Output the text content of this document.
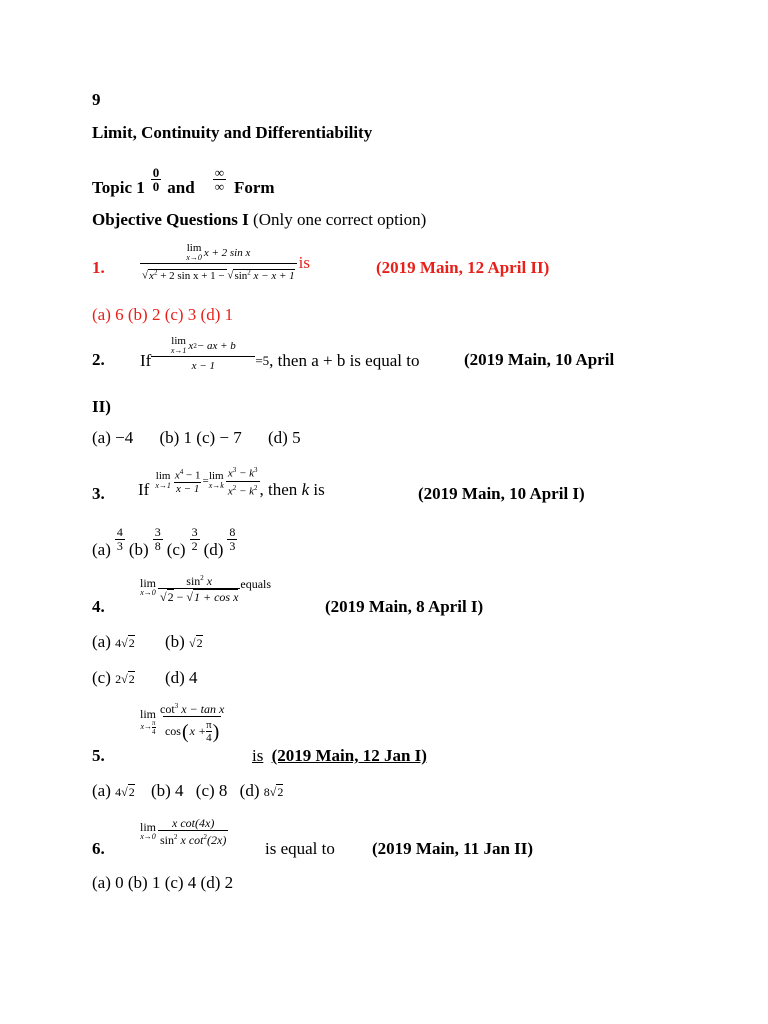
9
Limit, Continuity and Differentiability
Topic $1 \frac{0}{0}$ and $\frac{\infty}{\infty}$ Form
Objective Questions I (Only one correct option)
1.	lim
x→0 x + 2 sin x
$√x^2 + 2$ $\sin x + 1 - √\sin^2$ x − x + 1 is	(2019 Main, 12 April II)
(a) 6 (b) 2 (c) 3 (d) 1
2. If lim
x→1 x 2 − ax + b
x − 1 =5 , then a + b is equal to	(2019 Main, 10 April
II)
(a) −4 (b) 1 (c) − 7 (d) 5
3. If
lim
$x\to 1 \frac{x^4 - 1}{x - 1} = \lim$
$x\to k \frac{x^3 - k^3}{x^2 - k^2}$ , then k is	(2019 Main, 10 April I)
$(a) \frac{4}{3} (b) \frac{3}{8} (c) \frac{3}{2} (d) \frac{8}{3}$
4.
lim
$x\to 0 \frac{\sin^2 x}{\text{√2 − √1 + cos x}}$ equals
(2019 Main, 8 April I)
(a) 4√2 (b) √2
(c) 2√2 (d) 4
5.
lim
$x\to \frac{\pi}{4} \frac{\cot^3 x - \tan x}{\cos ( x + \frac{\pi}{4} )}$
is (2019 Main, 12 Jan I)
(a) 4√2 (b) 4 (c) 8 (d) 8√2
6.
lim
$x\to 0 \frac{\text{x cot(4x)}}{\sin^2 x \cot^2(2x)}$
is equal to (2019 Main, 11 Jan II)
(a) 0 (b) 1 (c) 4 (d) 2
